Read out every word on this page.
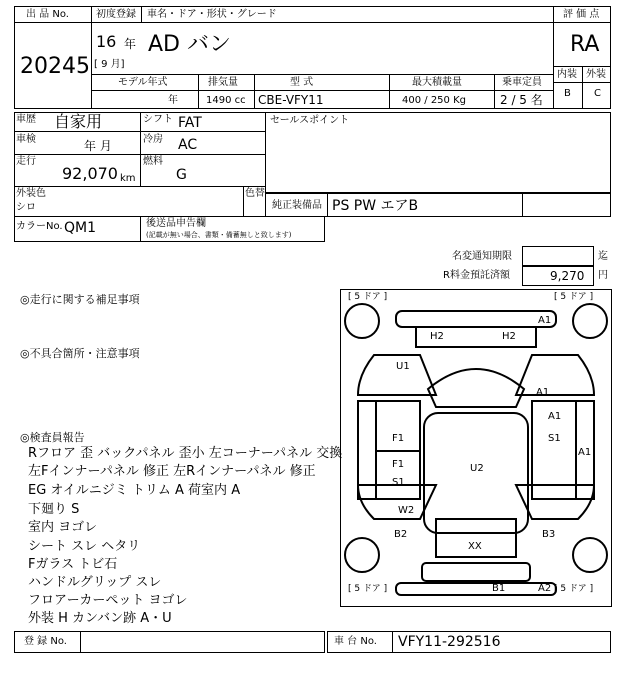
出 品 No.
20245
初度登録 車名・ドア・形状・グレード
16 年
[ 9 月]
AD バン
モデル年式	排気量	型 式	最大積載量	乗車定員
年	1490 cc CBE-VFY11	400 / 250 Kg	2 / 5 名
評 価 点
RA
内装 外装
B C
車歴 自家用	シフト FAT
車検	年 月	冷房 AC
走行
92,070 km
燃料
G
セールスポイント
外装色
シロ
色替
純正装備品 PS PW エアB
カラーNo. QM1	後送品申告欄
(記載が無い場合、書類・備蓄無しと致します)
名変通知期限	迄
R料金預託済額	9,270 円
◎走行に関する補足事項
◎不具合箇所・注意事項
◎検査員報告
Rフロア 歪 バックパネル 歪小 左コーナーパネル 交換
左Fインナーパネル 修正 左Rインナーパネル 修正
EG オイルニジミ トリム A 荷室内 A
下廻り S
室内 ヨゴレ
シート スレ ヘタリ
Fガラス トビ石
ハンドルグリップ スレ
フロアーカーペット ヨゴレ
外装 H カンバン跡 A・U
[ 5 ドア ]	[ 5 ドア ]
[ 5 ドア ]	[ 5 ドア ]
A1
H2	H2
U1
A1
A1
S1
A1
F1
F1
S1
U2
W2
B2	B3
XX
B1	A2
登 録 No.	車 台 No. VFY11-292516
